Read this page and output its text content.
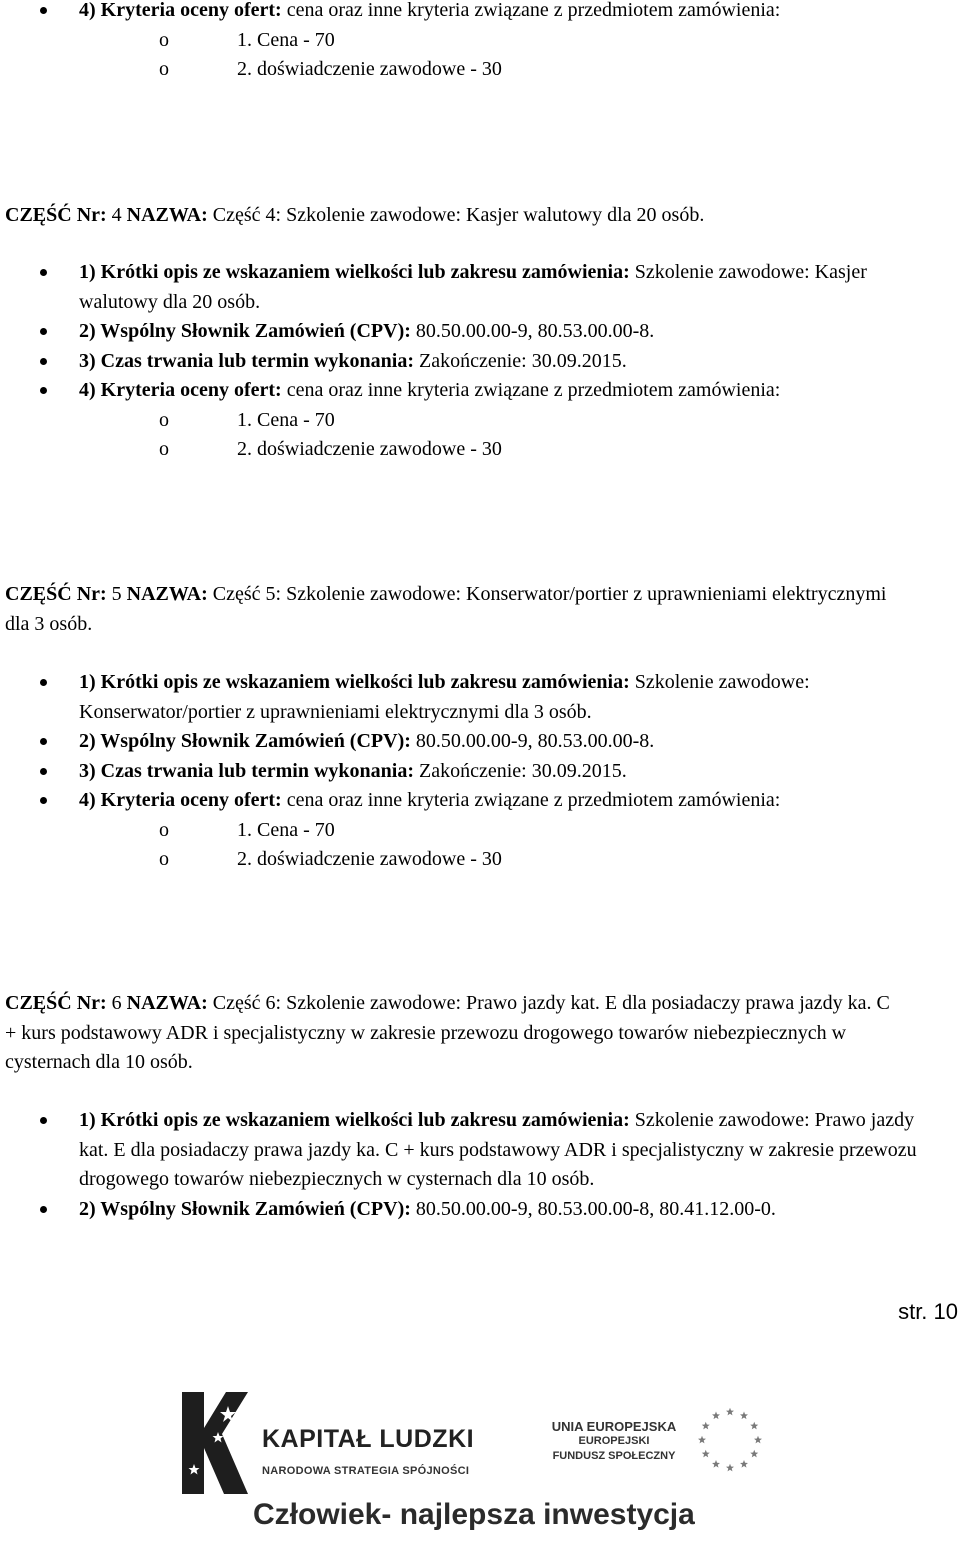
4) Kryteria oceny ofert: cena oraz inne kryteria związane z przedmiotem zamówienia:
o 1. Cena - 70
o 2. doświadczenie zawodowe - 30
CZĘŚĆ Nr: 4 NAZWA: Część 4: Szkolenie zawodowe: Kasjer walutowy dla 20 osób.
1) Krótki opis ze wskazaniem wielkości lub zakresu zamówienia: Szkolenie zawodowe: Kasjer walutowy dla 20 osób.
2) Wspólny Słownik Zamówień (CPV): 80.50.00.00-9, 80.53.00.00-8.
3) Czas trwania lub termin wykonania: Zakończenie: 30.09.2015.
4) Kryteria oceny ofert: cena oraz inne kryteria związane z przedmiotem zamówienia:
o 1. Cena - 70
o 2. doświadczenie zawodowe - 30
CZĘŚĆ Nr: 5 NAZWA: Część 5: Szkolenie zawodowe: Konserwator/portier z uprawnieniami elektrycznymi dla 3 osób.
1) Krótki opis ze wskazaniem wielkości lub zakresu zamówienia: Szkolenie zawodowe: Konserwator/portier z uprawnieniami elektrycznymi dla 3 osób.
2) Wspólny Słownik Zamówień (CPV): 80.50.00.00-9, 80.53.00.00-8.
3) Czas trwania lub termin wykonania: Zakończenie: 30.09.2015.
4) Kryteria oceny ofert: cena oraz inne kryteria związane z przedmiotem zamówienia:
o 1. Cena - 70
o 2. doświadczenie zawodowe - 30
CZĘŚĆ Nr: 6 NAZWA: Część 6: Szkolenie zawodowe: Prawo jazdy kat. E dla posiadaczy prawa jazdy ka. C + kurs podstawowy ADR i specjalistyczny w zakresie przewozu drogowego towarów niebezpiecznych w cysternach dla 10 osób.
1) Krótki opis ze wskazaniem wielkości lub zakresu zamówienia: Szkolenie zawodowe: Prawo jazdy kat. E dla posiadaczy prawa jazdy ka. C + kurs podstawowy ADR i specjalistyczny w zakresie przewozu drogowego towarów niebezpiecznych w cysternach dla 10 osób.
2) Wspólny Słownik Zamówień (CPV): 80.50.00.00-9, 80.53.00.00-8, 80.41.12.00-0.
str. 10
KAPITAŁ LUDZKI
NARODOWA STRATEGIA SPÓJNOŚCI
UNIA EUROPEJSKA
EUROPEJSKI
FUNDUSZ SPOŁECZNY
Człowiek- najlepsza inwestycja
